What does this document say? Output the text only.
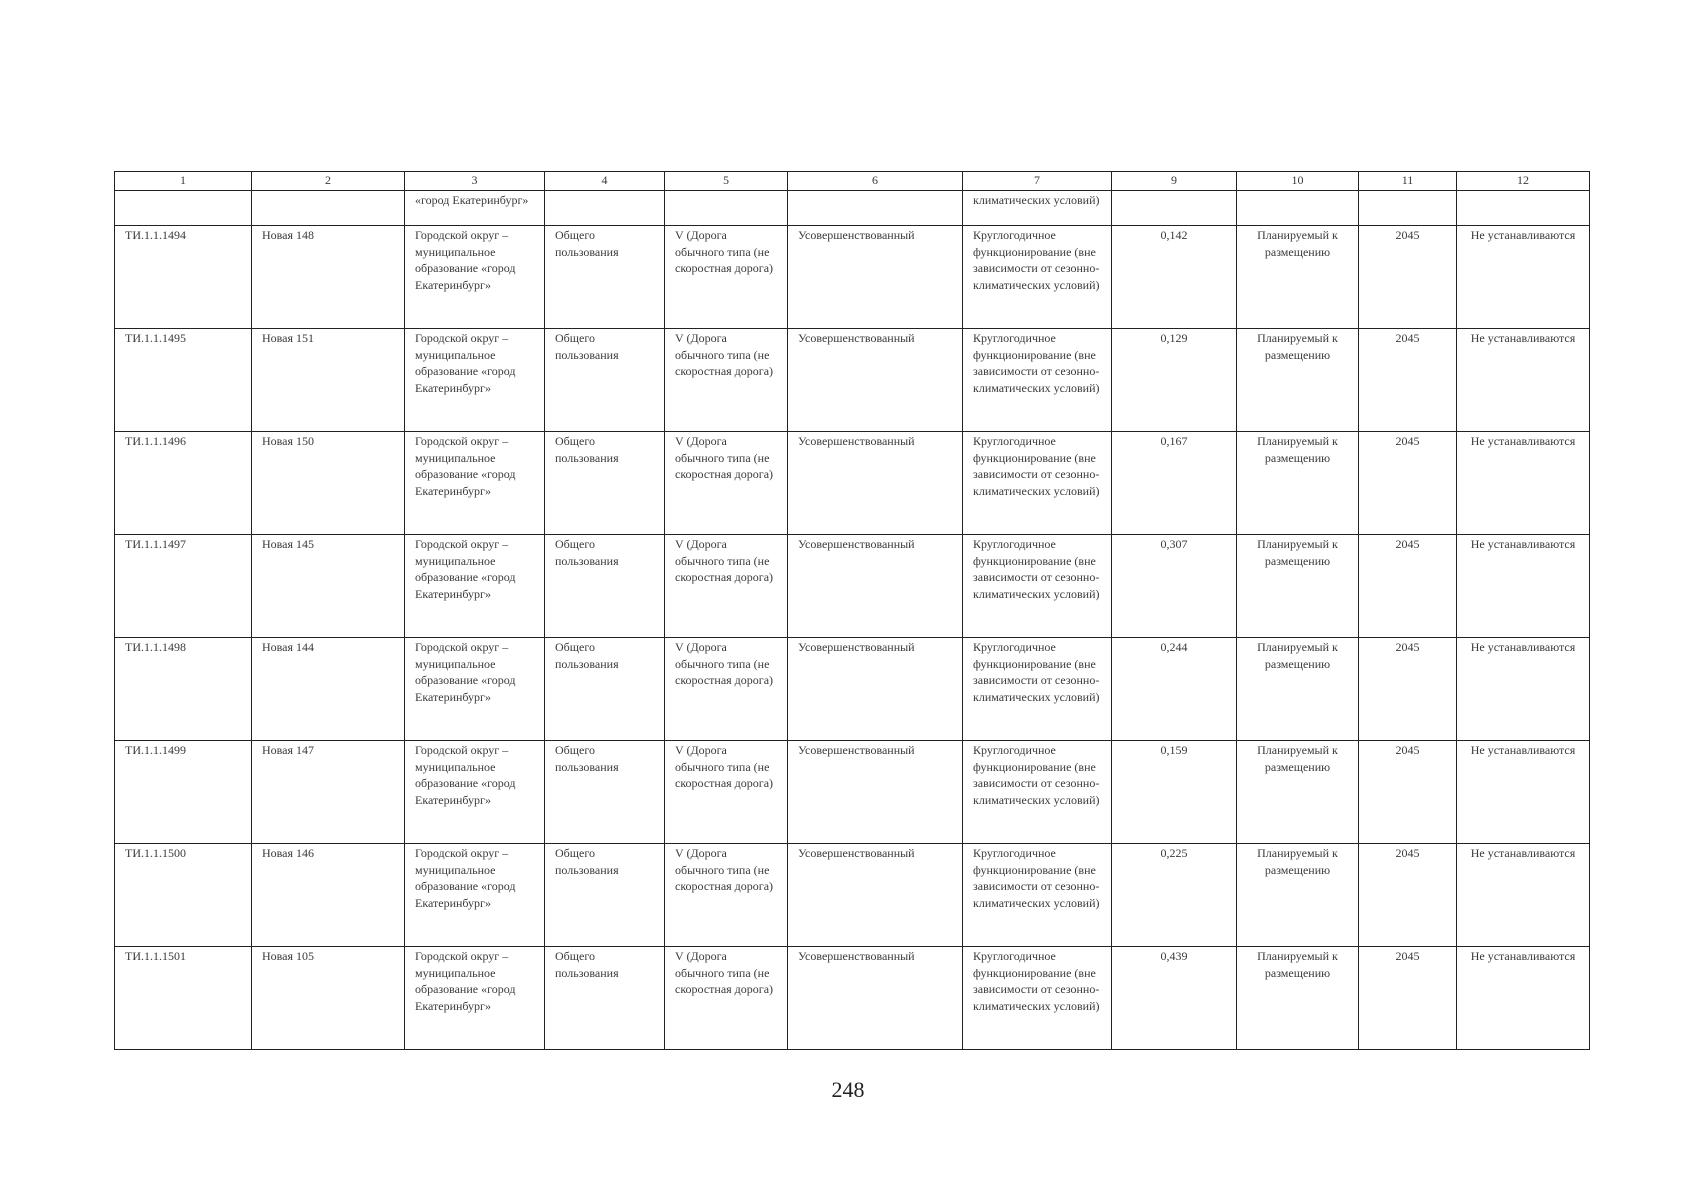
1	2	3	4	5	6	7	9	10	11	12
		«город Екатеринбург»				климатических условий)				
ТИ.1.1.1494	Новая 148	Городской округ – муниципальное образование «город Екатеринбург»	Общего пользования	V (Дорога обычного типа (не скоростная дорога)	Усовершенствованный	Круглогодичное функционирование (вне зависимости от сезонно-климатических условий)	0,142	Планируемый к размещению	2045	Не устанавливаются
ТИ.1.1.1495	Новая 151	Городской округ – муниципальное образование «город Екатеринбург»	Общего пользования	V (Дорога обычного типа (не скоростная дорога)	Усовершенствованный	Круглогодичное функционирование (вне зависимости от сезонно-климатических условий)	0,129	Планируемый к размещению	2045	Не устанавливаются
ТИ.1.1.1496	Новая 150	Городской округ – муниципальное образование «город Екатеринбург»	Общего пользования	V (Дорога обычного типа (не скоростная дорога)	Усовершенствованный	Круглогодичное функционирование (вне зависимости от сезонно-климатических условий)	0,167	Планируемый к размещению	2045	Не устанавливаются
ТИ.1.1.1497	Новая 145	Городской округ – муниципальное образование «город Екатеринбург»	Общего пользования	V (Дорога обычного типа (не скоростная дорога)	Усовершенствованный	Круглогодичное функционирование (вне зависимости от сезонно-климатических условий)	0,307	Планируемый к размещению	2045	Не устанавливаются
ТИ.1.1.1498	Новая 144	Городской округ – муниципальное образование «город Екатеринбург»	Общего пользования	V (Дорога обычного типа (не скоростная дорога)	Усовершенствованный	Круглогодичное функционирование (вне зависимости от сезонно-климатических условий)	0,244	Планируемый к размещению	2045	Не устанавливаются
ТИ.1.1.1499	Новая 147	Городской округ – муниципальное образование «город Екатеринбург»	Общего пользования	V (Дорога обычного типа (не скоростная дорога)	Усовершенствованный	Круглогодичное функционирование (вне зависимости от сезонно-климатических условий)	0,159	Планируемый к размещению	2045	Не устанавливаются
ТИ.1.1.1500	Новая 146	Городской округ – муниципальное образование «город Екатеринбург»	Общего пользования	V (Дорога обычного типа (не скоростная дорога)	Усовершенствованный	Круглогодичное функционирование (вне зависимости от сезонно-климатических условий)	0,225	Планируемый к размещению	2045	Не устанавливаются
ТИ.1.1.1501	Новая 105	Городской округ – муниципальное образование «город Екатеринбург»	Общего пользования	V (Дорога обычного типа (не скоростная дорога)	Усовершенствованный	Круглогодичное функционирование (вне зависимости от сезонно-климатических условий)	0,439	Планируемый к размещению	2045	Не устанавливаются
248
